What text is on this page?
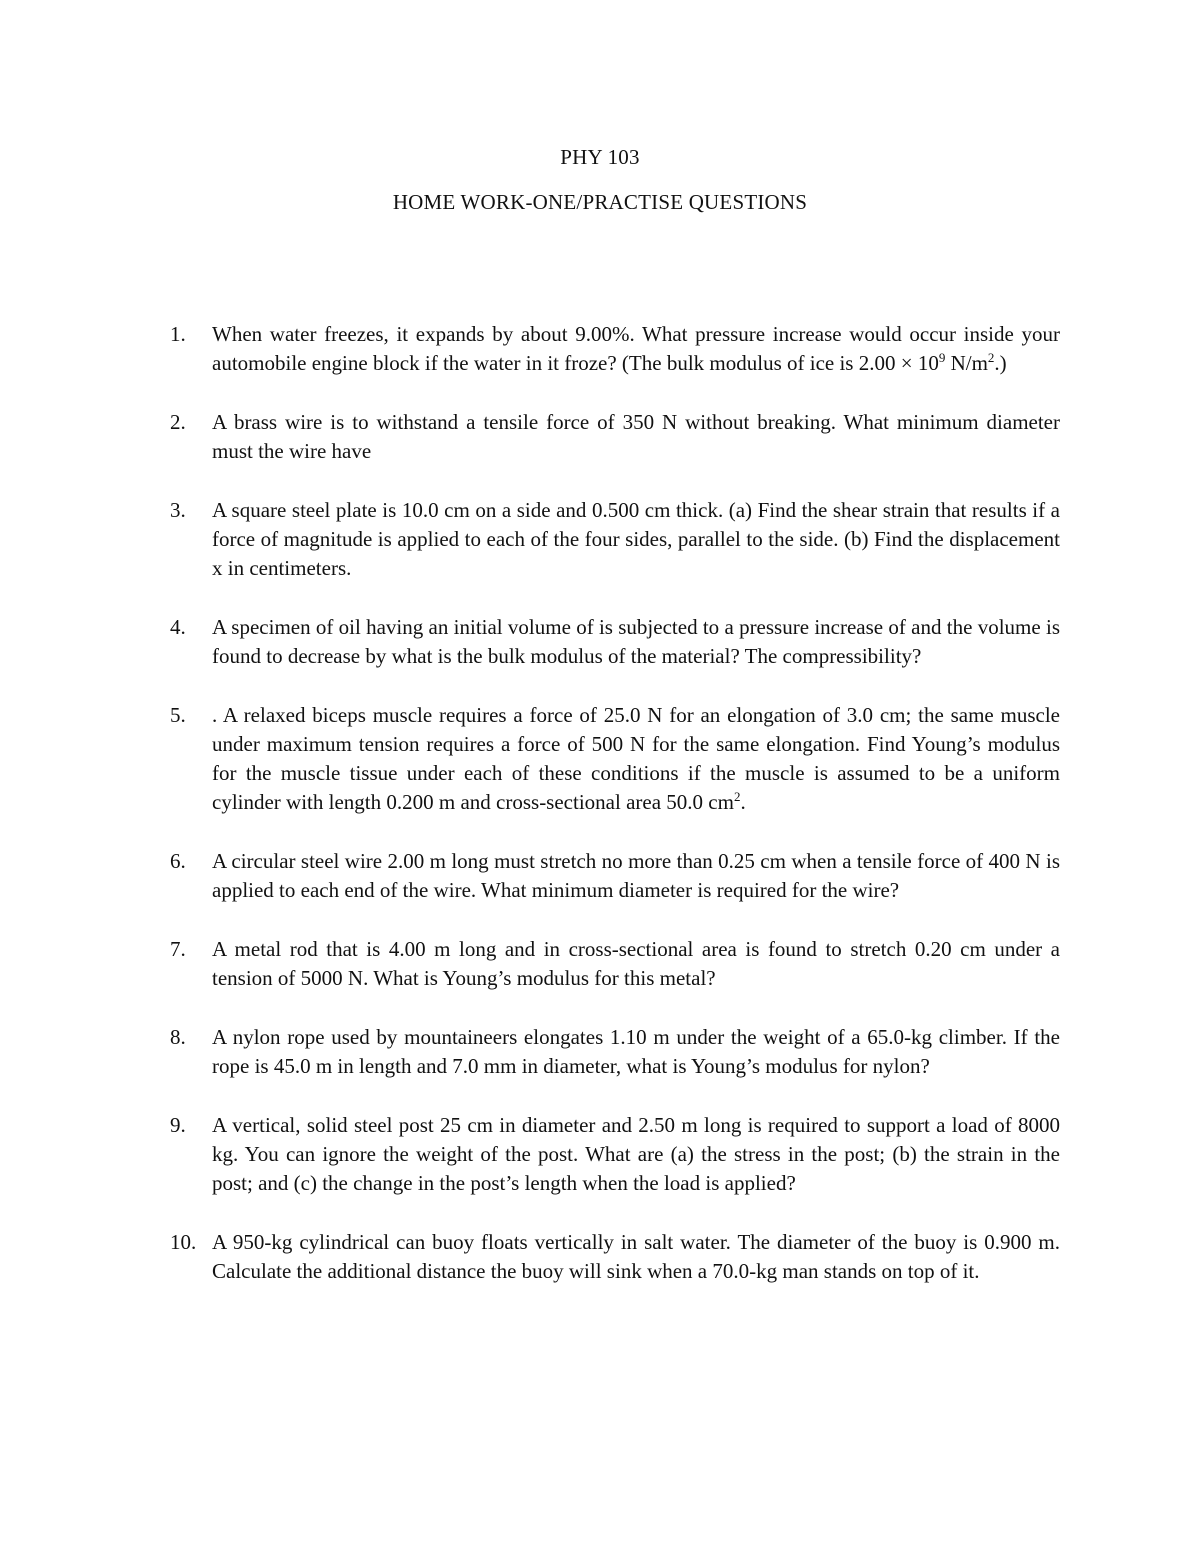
PHY 103
HOME WORK-ONE/PRACTISE QUESTIONS
1.	When water freezes, it expands by about 9.00%. What pressure increase would occur inside your automobile engine block if the water in it froze? (The bulk modulus of ice is $2.00 \times 10^9$ $N/m^2$.)
2.	A brass wire is to withstand a tensile force of 350 N without breaking. What minimum diameter must the wire have
3.	A square steel plate is 10.0 cm on a side and 0.500 cm thick. (a) Find the shear strain that results if a force of magnitude is applied to each of the four sides, parallel to the side. (b) Find the displacement x in centimeters.
4.	A specimen of oil having an initial volume of is subjected to a pressure increase of and the volume is found to decrease by what is the bulk modulus of the material? The compressibility?
5.	. A relaxed biceps muscle requires a force of 25.0 N for an elongation of 3.0 cm; the same muscle under maximum tension requires a force of 500 N for the same elongation. Find Young’s modulus for the muscle tissue under each of these conditions if the muscle is assumed to be a uniform cylinder with length 0.200 m and cross-sectional area 50.0 $cm^2$.
6.	A circular steel wire 2.00 m long must stretch no more than 0.25 cm when a tensile force of 400 N is applied to each end of the wire. What minimum diameter is required for the wire?
7.	A metal rod that is 4.00 m long and in cross-sectional area is found to stretch 0.20 cm under a tension of 5000 N. What is Young’s modulus for this metal?
8.	A nylon rope used by mountaineers elongates 1.10 m under the weight of a 65.0-kg climber. If the rope is 45.0 m in length and 7.0 mm in diameter, what is Young’s modulus for nylon?
9.	A vertical, solid steel post 25 cm in diameter and 2.50 m long is required to support a load of 8000 kg. You can ignore the weight of the post. What are (a) the stress in the post; (b) the strain in the post; and (c) the change in the post’s length when the load is applied?
10. A 950-kg cylindrical can buoy floats vertically in salt water. The diameter of the buoy is 0.900 m. Calculate the additional distance the buoy will sink when a 70.0-kg man stands on top of it.
